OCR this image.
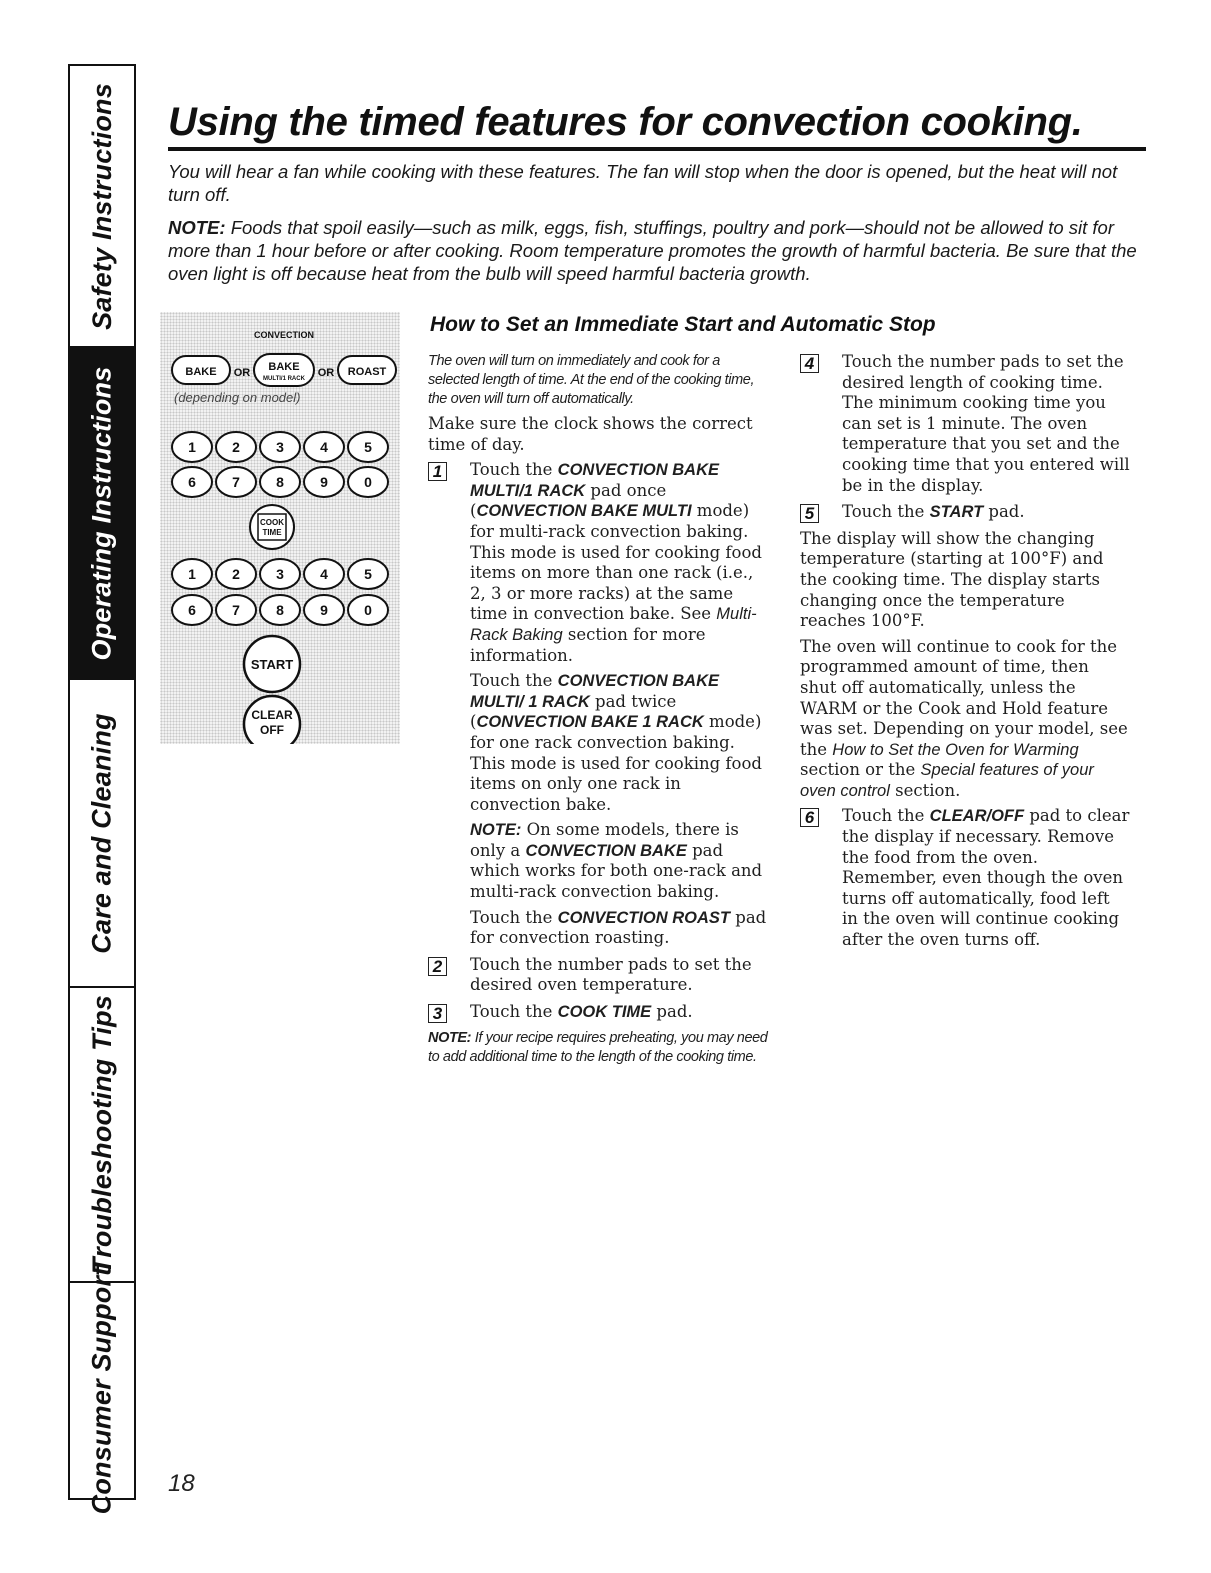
Safety Instructions
Operating Instructions
Care and Cleaning
Troubleshooting Tips
Consumer Support
Using the timed features for convection cooking.

You will hear a fan while cooking with these features. The fan will stop when the door is opened, but the heat will not turn off.

NOTE: Foods that spoil easily—such as milk, eggs, fish, stuffings, poultry and pork—should not be allowed to sit for more than 1 hour before or after cooking. Room temperature promotes the growth of harmful bacteria. Be sure that the oven light is off because heat from the bulb will speed harmful bacteria growth.

CONVECTION
BAKE OR BAKE
MULTI/1 RACK OR ROAST
(depending on model)
1	2	3	4	5
6	7	8	9	0
COOK
TIME
1	2	3	4	5
6	7	8	9	0
START
CLEAR
OFF
How to Set an Immediate Start and Automatic Stop

The oven will turn on immediately and cook for a selected length of time. At the end of the cooking time, the oven will turn off automatically.

Make sure the clock shows the correct time of day.

1 Touch the CONVECTION BAKE MULTI/1 RACK pad once (CONVECTION BAKE MULTI mode) for multi-rack convection baking. This mode is used for cooking food items on more than one rack (i.e., 2, 3 or more racks) at the same time in convection bake. See Multi-Rack Baking section for more information.

Touch the CONVECTION BAKE MULTI/ 1 RACK pad twice (CONVECTION BAKE 1 RACK mode) for one rack convection baking. This mode is used for cooking food items on only one rack in convection bake.

NOTE: On some models, there is only a CONVECTION BAKE pad which works for both one-rack and multi-rack convection baking.

Touch the CONVECTION ROAST pad for convection roasting.

2 Touch the number pads to set the desired oven temperature.

3 Touch the COOK TIME pad.

NOTE: If your recipe requires preheating, you may need to add additional time to the length of the cooking time.

4 Touch the number pads to set the desired length of cooking time. The minimum cooking time you can set is 1 minute. The oven temperature that you set and the cooking time that you entered will be in the display.

5 Touch the START pad.

The display will show the changing temperature (starting at 100°F) and the cooking time. The display starts changing once the temperature reaches 100°F.

The oven will continue to cook for the programmed amount of time, then shut off automatically, unless the WARM or the Cook and Hold feature was set. Depending on your model, see the How to Set the Oven for Warming section or the Special features of your oven control section.

6 Touch the CLEAR/OFF pad to clear the display if necessary. Remove the food from the oven. Remember, even though the oven turns off automatically, food left in the oven will continue cooking after the oven turns off.

18
